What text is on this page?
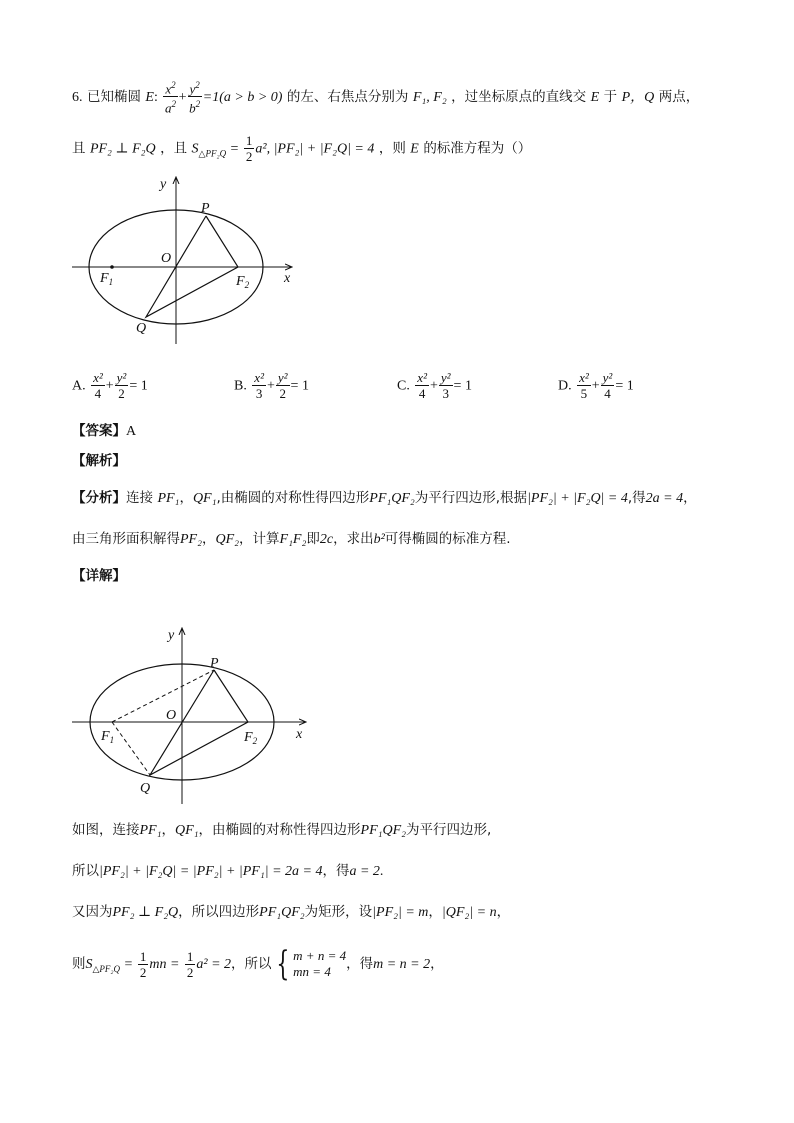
6. 已知椭圆 E: $\frac{x^2}{a^2} + \frac{y^2}{b^2} =1(a > b > 0)$ 的左、右焦点分别为 F₁, F₂ ，过坐标原点的直线交 E 于 P，Q 两点，
且 PF₂ ⊥ F₂Q ，且 $S_{\triangle PF_2Q} = \frac{1}{2} a^2$, |PF₂| + |F₂Q| = 4 ，则 E 的标准方程为（）
y
x
O
P
Q
$F_1$	$F_2$
A. $\frac{\text{x²}}{4} + \frac{\text{y²}}{2} = 1$	B. $\frac{\text{x²}}{3} + \frac{\text{y²}}{2} = 1$	C. $\frac{\text{x²}}{4} + \frac{\text{y²}}{3} = 1$	D. $\frac{\text{x²}}{5} + \frac{\text{y²}}{4} = 1$
【答案】A
【解析】
【分析】连接 PF₁，QF₁,由椭圆的对称性得四边形PF₁QF₂为平行四边形,根据|PF₂| + |F₂Q| = 4,得2a = 4，
由三角形面积解得PF₂，QF₂，计算F₁F₂即2c，求出b²可得椭圆的标准方程.
【详解】
y
x
O
P
Q
$F_1$	$F_2$
如图，连接PF₁，QF₁，由椭圆的对称性得四边形PF₁QF₂为平行四边形,
所以|PF₂| + |F₂Q| = |PF₂| + |PF₁| = 2a = 4，得a = 2.
又因为PF₂ ⊥ F₂Q，所以四边形PF₁QF₂为矩形，设|PF₂| = m，|QF₂| = n，
则$S_{\triangle PF_2Q} = \frac{1}{2}$ mn = $\frac{1}{2} a^2 = 2$，所以 { m + n = 4
mn = 4	，得m = n = 2，
